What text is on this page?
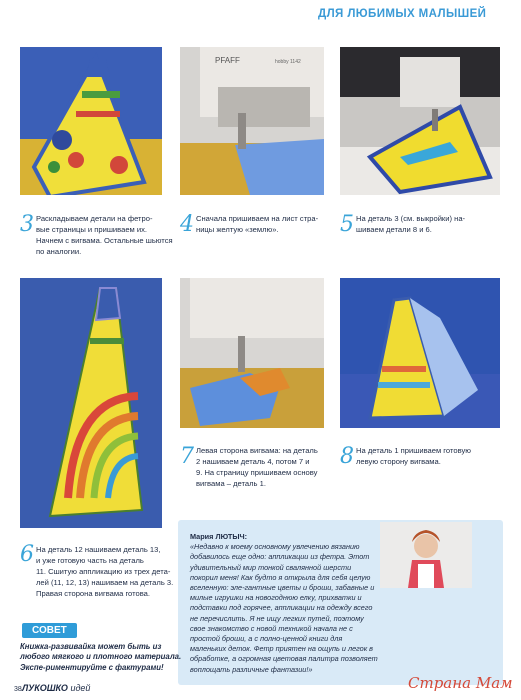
ДЛЯ ЛЮБИМЫХ МАЛЫШЕЙ
PFAFF	hobby 1142
3 Раскладываем детали на фетро-
вые страницы и пришиваем их.
Начнем с вигвама. Остальные шьются
по аналогии.
4 Сначала пришиваем на лист стра-
ницы желтую «землю».	5 На деталь 3 (см. выкройки) на-
шиваем детали 8 и 6.
7 Левая сторона вигвама: на деталь
2 нашиваем деталь 4, потом 7 и
9. На страницу пришиваем основу
вигвама – деталь 1.
8 На деталь 1 пришиваем готовую
левую сторону вигвама.
6 На деталь 12 нашиваем деталь 13,
и уже готовую часть на деталь
11. Сшитую аппликацию из трех дета-
лей (11, 12, 13) нашиваем на деталь 3.
Правая сторона вигвама готова.
Мария ЛЮТЫЧ:

«Недавно к моему основному увлечению вязанию добавилось еще одно: аппликации из фетра. Этот удивительный мир тонкой свалянной шерсти покорил меня! Как будто я открыла для себя целую вселенную: эле-гантные цветы и броши, забавные и милые игрушки на новогоднюю елку, прихватки и подставки под горячее, аппликации на одежду всего не перечислить. Я не ищу легких путей, поэтому свое знакомство с новой техникой начала не с простой броши, а с полно-ценной книги для маленьких деток. Фетр приятен на ощупь и легок в обработке, а огромная цветовая палитра позволяет воплощать различные фантазии!»
СОВЕТ
Книжка-развивайка может быть из любого мягкого и плотного материала. Экспе-риментируйте с фактурами!
ЛУКОШКО идей
38	Страна Мам
